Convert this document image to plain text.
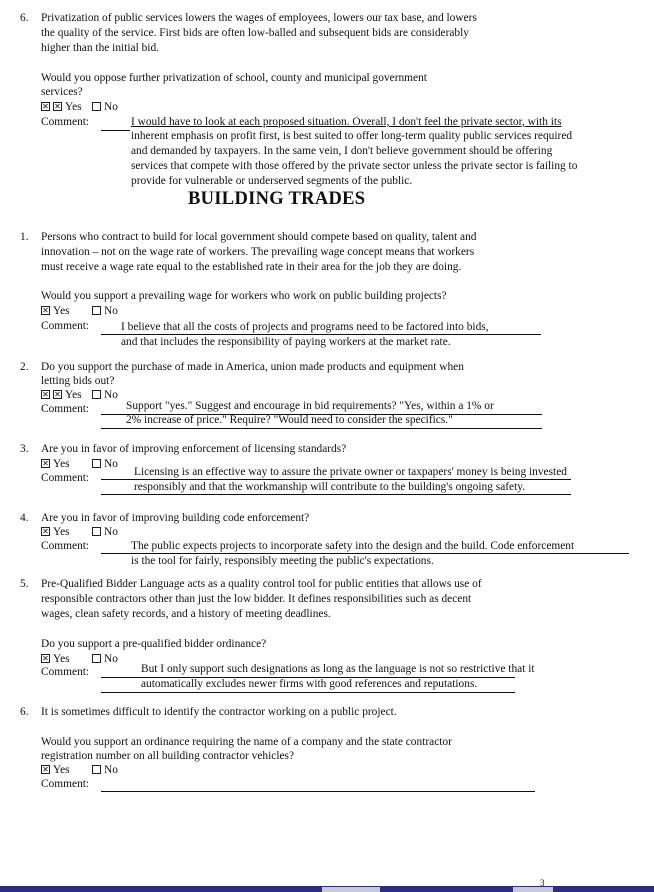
6. Privatization of public services lowers the wages of employees, lowers our tax base, and lowers
the quality of the service. First bids are often low-balled and subsequent bids are considerably
higher than the initial bid.
Would you oppose further privatization of school, county and municipal government
services?
✕✕Yes	No
Comment:	I would have to look at each proposed situation. Overall, I don't feel the private sector, with its
inherent emphasis on profit first, is best suited to offer long-term quality public services required
and demanded by taxpayers. In the same vein, I don't believe government should be offering
services that compete with those offered by the private sector unless the private sector is failing to
provide for vulnerable or underserved segments of the public.
BUILDING TRADES
1. Persons who contract to build for local government should compete based on quality, talent and
innovation – not on the wage rate of workers. The prevailing wage concept means that workers
must receive a wage rate equal to the established rate in their area for the job they are doing.
Would you support a prevailing wage for workers who work on public building projects?
✕Yes	No
Comment:	I believe that all the costs of projects and programs need to be factored into bids,
and that includes the responsibility of paying workers at the market rate.
2. Do you support the purchase of made in America, union made products and equipment when
letting bids out?
✕✕Yes	No
Comment:	Support "yes." Suggest and encourage in bid requirements? "Yes, within a 1% or
2% increase of price." Require? "Would need to consider the specifics."
3. Are you in favor of improving enforcement of licensing standards?
✕Yes	No
Comment:	Licensing is an effective way to assure the private owner or taxpapers' money is being invested
responsibly and that the workmanship will contribute to the building's ongoing safety.
4. Are you in favor of improving building code enforcement?
✕Yes	No
Comment:	The public expects projects to incorporate safety into the design and the build. Code enforcement
is the tool for fairly, responsibly meeting the public's expectations.
5. Pre-Qualified Bidder Language acts as a quality control tool for public entities that allows use of
responsible contractors other than just the low bidder. It defines responsibilities such as decent
wages, clean safety records, and a history of meeting deadlines.
Do you support a pre-qualified bidder ordinance?
✕Yes	No
Comment:	But I only support such designations as long as the language is not so restrictive that it
automatically excludes newer firms with good references and reputations.
6. It is sometimes difficult to identify the contractor working on a public project.
Would you support an ordinance requiring the name of a company and the state contractor
registration number on all building contractor vehicles?
✕Yes	No
Comment:
3
